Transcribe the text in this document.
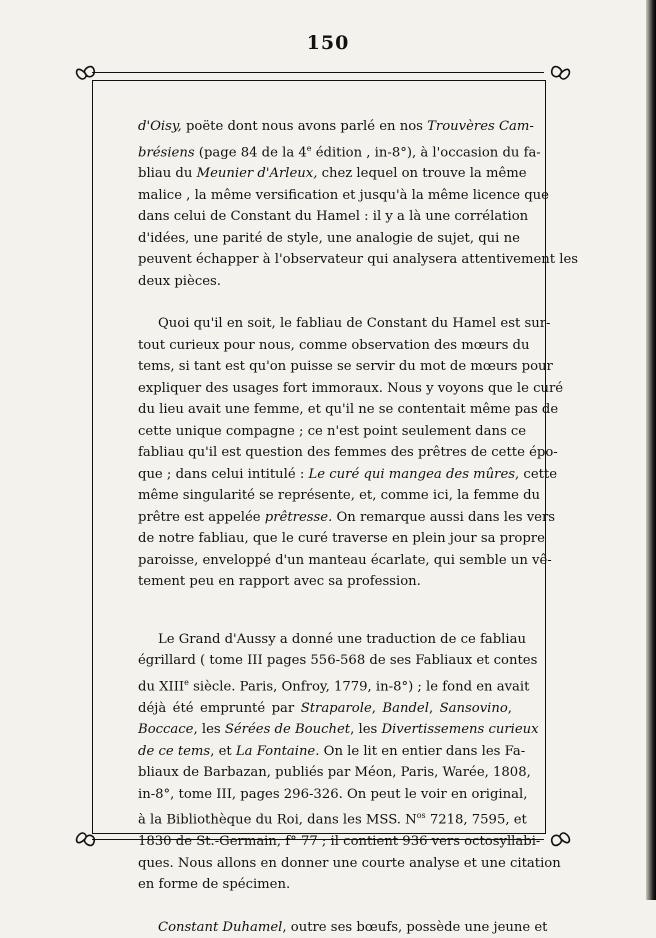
150

d'Oisy, poëte dont nous avons parlé en nos Trouvères Cam-
brésiens (page 84 de la 4e édition , in-8°), à l'occasion du fa-
bliau du Meunier d'Arleux, chez lequel on trouve la même
malice , la même versification et jusqu'à la même licence que
dans celui de Constant du Hamel : il y a là une corrélation
d'idées, une parité de style, une analogie de sujet, qui ne
peuvent échapper à l'observateur qui analysera attentivement les
deux pièces.

Quoi qu'il en soit, le fabliau de Constant du Hamel est sur-
tout curieux pour nous, comme observation des mœurs du
tems, si tant est qu'on puisse se servir du mot de mœurs pour
expliquer des usages fort immoraux. Nous y voyons que le curé
du lieu avait une femme, et qu'il ne se contentait même pas de
cette unique compagne ; ce n'est point seulement dans ce
fabliau qu'il est question des femmes des prêtres de cette épo-
que ; dans celui intitulé : Le curé qui mangea des mûres, cette
même singularité se représente, et, comme ici, la femme du
prêtre est appelée prêtresse. On remarque aussi dans les vers
de notre fabliau, que le curé traverse en plein jour sa propre
paroisse, enveloppé d'un manteau écarlate, qui semble un vê-
tement peu en rapport avec sa profession.

Le Grand d'Aussy a donné une traduction de ce fabliau
égrillard ( tome III pages 556-568 de ses Fabliaux et contes
du XIIIe siècle. Paris, Onfroy, 1779, in-8°) ; le fond en avait
déjà été emprunté par Straparole, Bandel, Sansovino,
Boccace, les Sérées de Bouchet, les Divertissemens curieux
de ce tems, et La Fontaine. On le lit en entier dans les Fa-
bliaux de Barbazan, publiés par Méon, Paris, Warée, 1808,
in-8°, tome III, pages 296-326. On peut le voir en original,
à la Bibliothèque du Roi, dans les MSS. $N^{os}$ 7218, 7595, et
1830 de St.-Germain, f° 77 ; il contient 936 vers octosyllabi-
ques. Nous allons en donner une courte analyse et une citation
en forme de spécimen.

Constant Duhamel, outre ses bœufs, possède une jeune et
